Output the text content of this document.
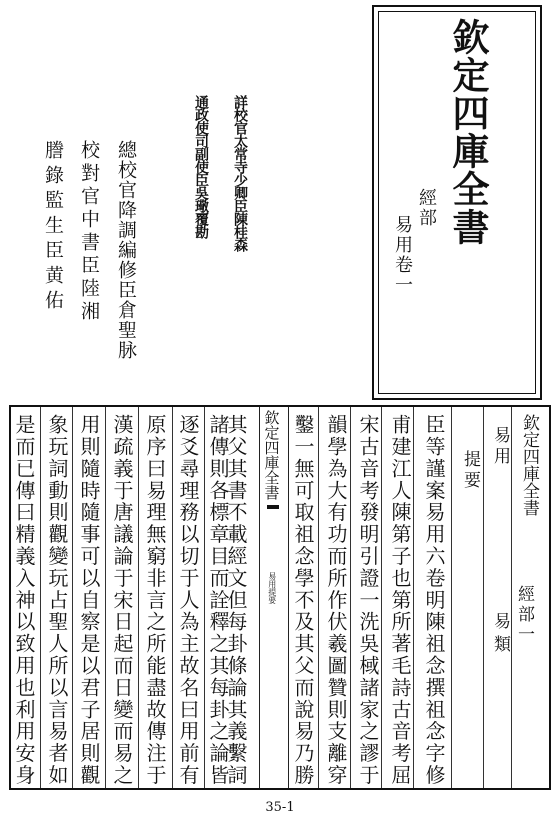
欽定四庫全書
經部
易用卷一
詳校官太常寺少卿臣陳桂森
通政使司副使臣吳璥覆勘
總校官降調編修臣倉聖脉
校對官中書臣陸湘
謄錄監生臣黄佑
欽定四庫全書
易用提要
欽定四庫全書
經部一
易用
易類
提要
臣等謹案易用六卷明陳祖念撰祖念字修
甫建江人陳第子也第所著毛詩古音考屈
宋古音考發明引證一洗吳棫諸家之謬于
韻學為大有功而所作伏羲圖贊則支離穿
鑿一無可取祖念學不及其父而說易乃勝
其父其書不載經文但每卦條論其義繫詞
諸傳則各標章目而詮釋之其每卦之論皆
逐爻尋理務以切于人為主故名曰用前有
原序曰易理無窮非言之所能盡故傳注于
漢疏義于唐議論于宋日起而日變而易之
用則隨時隨事可以自察是以君子居則觀
象玩詞動則觀變玩占聖人所以言易者如
是而已傳曰精義入神以致用也利用安身
35-1
